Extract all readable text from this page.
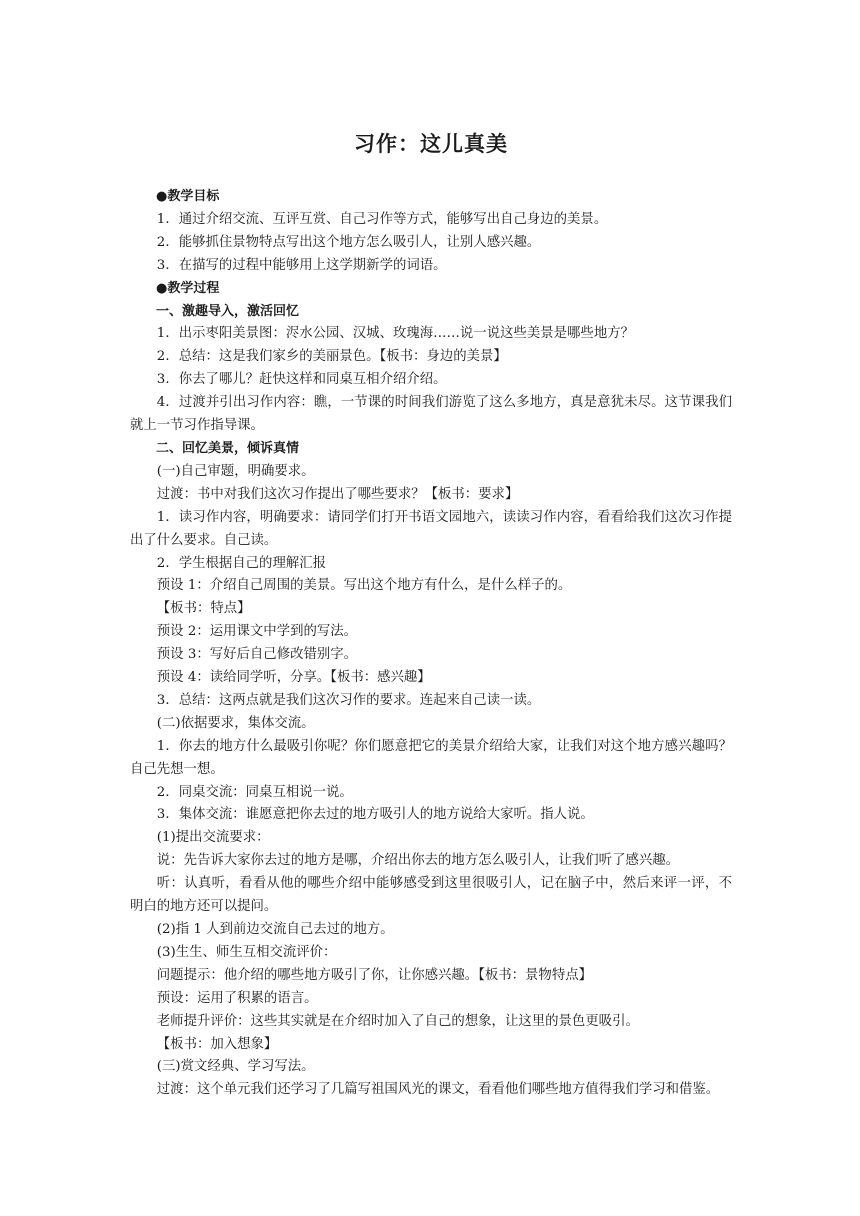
习作：这儿真美

●教学目标

1．通过介绍交流、互评互赏、自己习作等方式，能够写出自己身边的美景。

2．能够抓住景物特点写出这个地方怎么吸引人，让别人感兴趣。

3．在描写的过程中能够用上这学期新学的词语。

●教学过程

一、激趣导入，激活回忆

1．出示枣阳美景图：浕水公园、汉城、玫瑰海……说一说这些美景是哪些地方？

2．总结：这是我们家乡的美丽景色。【板书：身边的美景】

3．你去了哪儿？赶快这样和同桌互相介绍介绍。

4．过渡并引出习作内容：瞧，一节课的时间我们游览了这么多地方，真是意犹未尽。这节课我们就上一节习作指导课。

二、回忆美景，倾诉真情

(一)自己审题，明确要求。

过渡：书中对我们这次习作提出了哪些要求？【板书：要求】

1．读习作内容，明确要求：请同学们打开书语文园地六，读读习作内容，看看给我们这次习作提出了什么要求。自己读。

2．学生根据自己的理解汇报

预设 1：介绍自己周围的美景。写出这个地方有什么，是什么样子的。

【板书：特点】

预设 2：运用课文中学到的写法。

预设 3：写好后自己修改错别字。

预设 4：读给同学听，分享。【板书：感兴趣】

3．总结：这两点就是我们这次习作的要求。连起来自己读一读。

(二)依据要求，集体交流。

1．你去的地方什么最吸引你呢？你们愿意把它的美景介绍给大家，让我们对这个地方感兴趣吗？自己先想一想。

2．同桌交流：同桌互相说一说。

3．集体交流：谁愿意把你去过的地方吸引人的地方说给大家听。指人说。

(1)提出交流要求：

说：先告诉大家你去过的地方是哪，介绍出你去的地方怎么吸引人，让我们听了感兴趣。

听：认真听，看看从他的哪些介绍中能够感受到这里很吸引人，记在脑子中，然后来评一评，不明白的地方还可以提问。

(2)指 1 人到前边交流自己去过的地方。

(3)生生、师生互相交流评价：

问题提示：他介绍的哪些地方吸引了你，让你感兴趣。【板书：景物特点】

预设：运用了积累的语言。

老师提升评价：这些其实就是在介绍时加入了自己的想象，让这里的景色更吸引。

【板书：加入想象】

(三)赏文经典、学习写法。

过渡：这个单元我们还学习了几篇写祖国风光的课文，看看他们哪些地方值得我们学习和借鉴。
